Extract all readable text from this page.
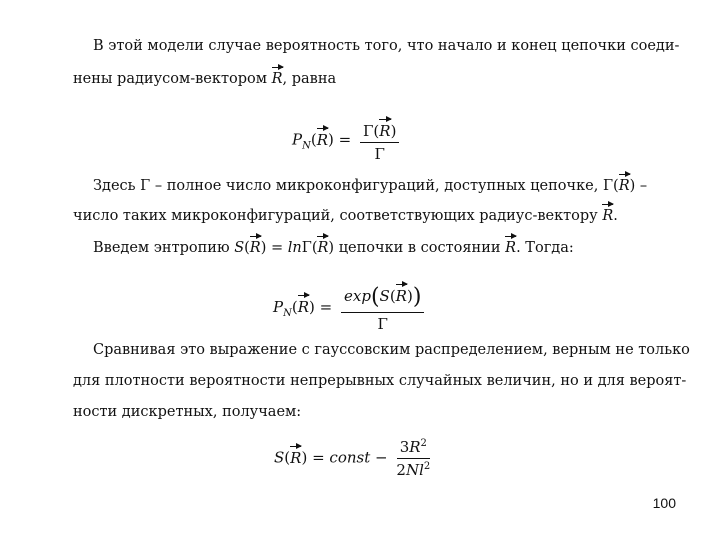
В этой модели случае вероятность того, что начало и конец цепочки соеди-
нены радиусом-вектором R, равна
$P_N(R) = \frac{\Gamma(R)}{\Gamma}$
Здесь Γ – полное число микроконфигураций, доступных цепочке, Γ(R) –
число таких микроконфигураций, соответствующих радиус-вектору R.
Введем энтропию S(R) = lnΓ(R) цепочки в состоянии R. Тогда:
$P_N(R) = \frac{\exp(S(R))}{\Gamma}$
Сравнивая это выражение с гауссовским распределением, верным не только
для плотности вероятности непрерывных случайных величин, но и для вероят-
ности дискретных, получаем:
S(R) = const − $\frac{3R^2}{2Nl^2}$
100
